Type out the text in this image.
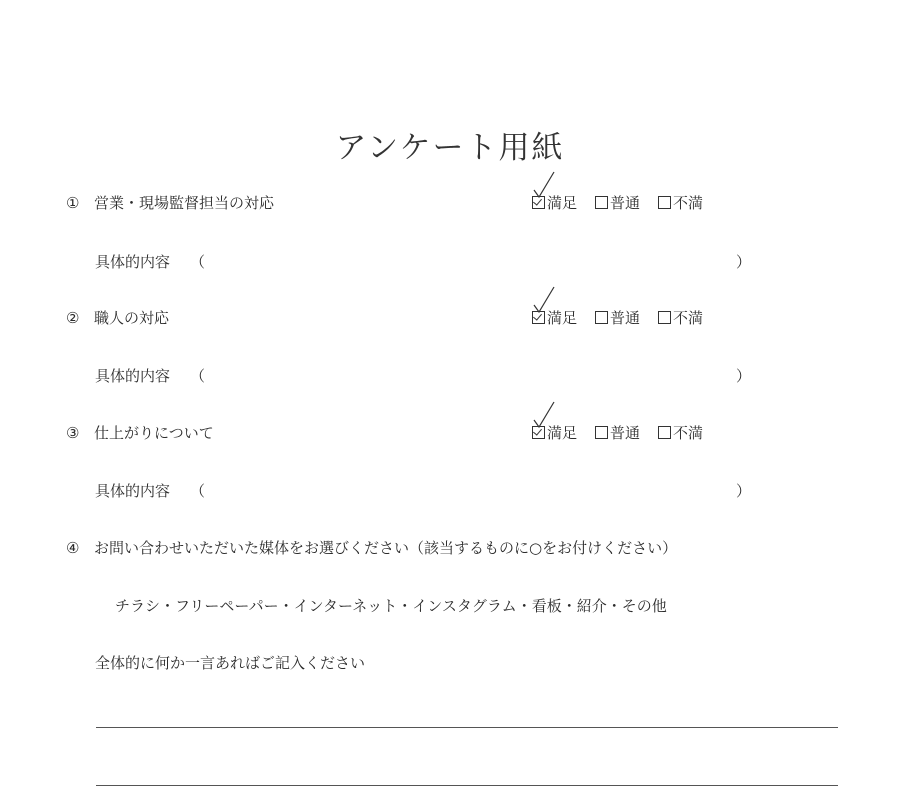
アンケート用紙
① 営業・現場監督担当の対応	満足 普通 不満
具体的内容 （	）
② 職人の対応	満足 普通 不満
具体的内容 （	）
③ 仕上がりについて	満足 普通 不満
具体的内容 （	）
④ お問い合わせいただいた媒体をお選びください（該当するものに○をお付けください）
チラシ・フリーペーパー・インターネット・インスタグラム・看板・紹介・その他
全体的に何か一言あればご記入ください
